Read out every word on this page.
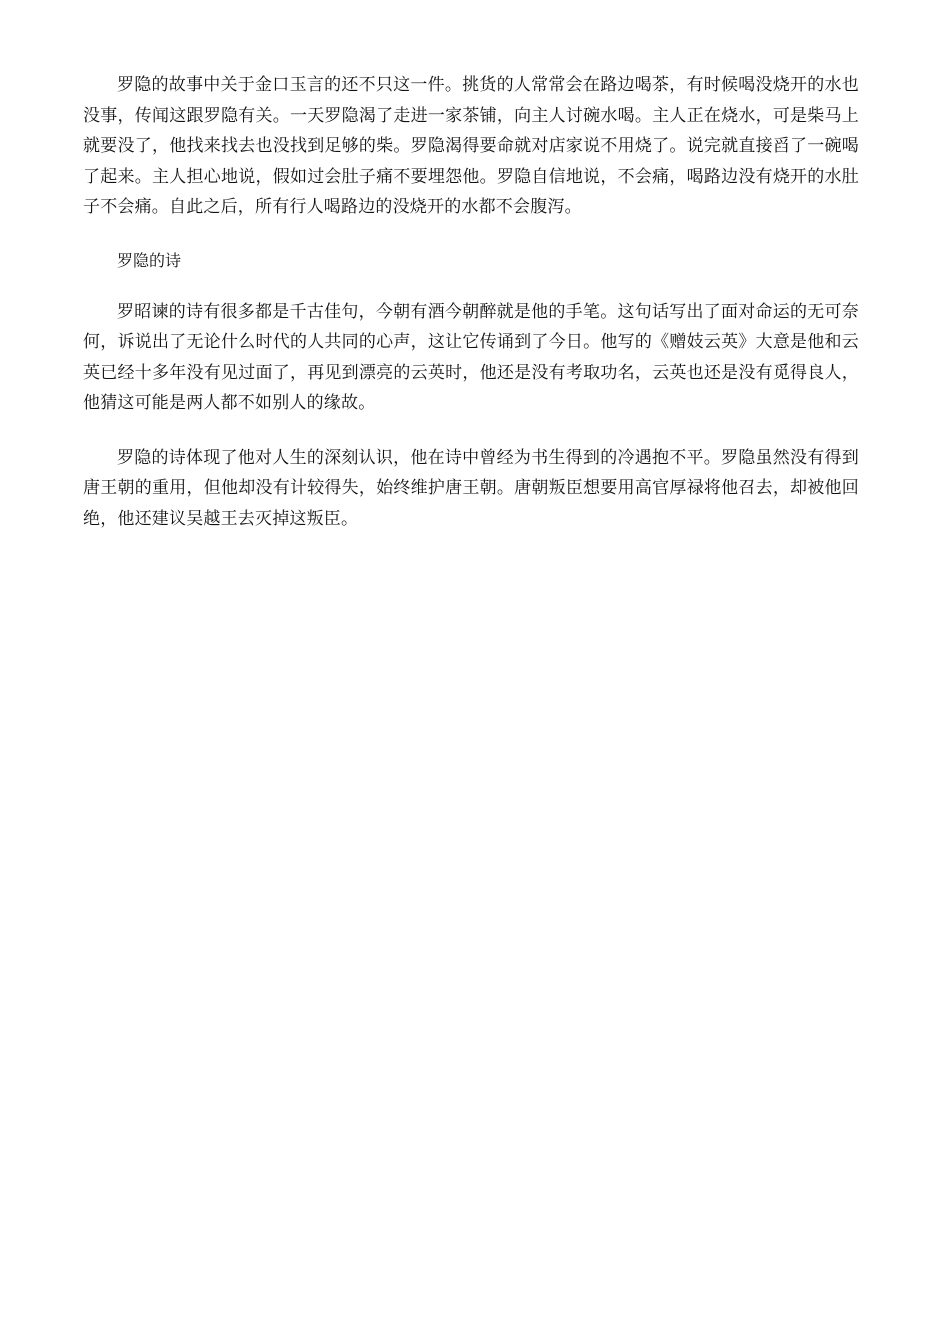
罗隐的故事中关于金口玉言的还不只这一件。挑货的人常常会在路边喝茶，有时候喝没烧开的水也没事，传闻这跟罗隐有关。一天罗隐渴了走进一家茶铺，向主人讨碗水喝。主人正在烧水，可是柴马上就要没了，他找来找去也没找到足够的柴。罗隐渴得要命就对店家说不用烧了。说完就直接舀了一碗喝了起来。主人担心地说，假如过会肚子痛不要埋怨他。罗隐自信地说，不会痛，喝路边没有烧开的水肚子不会痛。自此之后，所有行人喝路边的没烧开的水都不会腹泻。

罗隐的诗

罗昭谏的诗有很多都是千古佳句，今朝有酒今朝醉就是他的手笔。这句话写出了面对命运的无可奈何，诉说出了无论什么时代的人共同的心声，这让它传诵到了今日。他写的《赠妓云英》大意是他和云英已经十多年没有见过面了，再见到漂亮的云英时，他还是没有考取功名，云英也还是没有觅得良人，他猜这可能是两人都不如别人的缘故。

罗隐的诗体现了他对人生的深刻认识，他在诗中曾经为书生得到的冷遇抱不平。罗隐虽然没有得到唐王朝的重用，但他却没有计较得失，始终维护唐王朝。唐朝叛臣想要用高官厚禄将他召去，却被他回绝，他还建议吴越王去灭掉这叛臣。
